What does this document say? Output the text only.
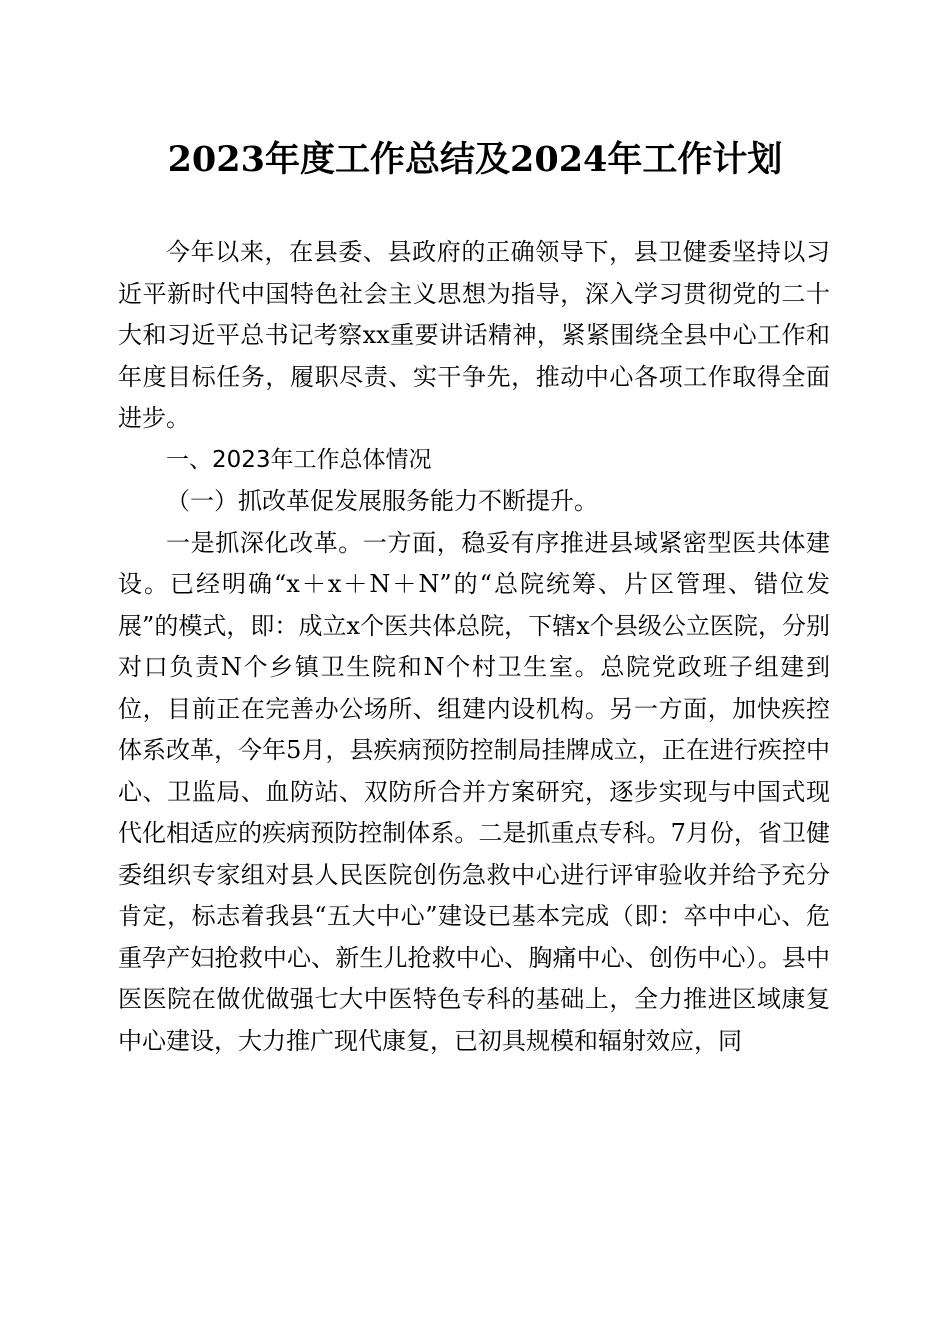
2023年度工作总结及2024年工作计划

今年以来，在县委、县政府的正确领导下，县卫健委坚持以习近平新时代中国特色社会主义思想为指导，深入学习贯彻党的二十大和习近平总书记考察xx重要讲话精神，紧紧围绕全县中心工作和年度目标任务，履职尽责、实干争先，推动中心各项工作取得全面进步。

一、2023年工作总体情况

（一）抓改革促发展服务能力不断提升。

一是抓深化改革。一方面，稳妥有序推进县域紧密型医共体建设。已经明确“x＋x＋N＋N”的“总院统筹、片区管理、错位发展”的模式，即：成立x个医共体总院，下辖x个县级公立医院，分别对口负责N个乡镇卫生院和N个村卫生室。总院党政班子组建到位，目前正在完善办公场所、组建内设机构。另一方面，加快疾控体系改革，今年5月，县疾病预防控制局挂牌成立，正在进行疾控中心、卫监局、血防站、双防所合并方案研究，逐步实现与中国式现代化相适应的疾病预防控制体系。二是抓重点专科。7月份，省卫健委组织专家组对县人民医院创伤急救中心进行评审验收并给予充分肯定，标志着我县“五大中心”建设已基本完成（即：卒中中心、危重孕产妇抢救中心、新生儿抢救中心、胸痛中心、创伤中心）。县中医医院在做优做强七大中医特色专科的基础上，全力推进区域康复中心建设，大力推广现代康复，已初具规模和辐射效应，同
